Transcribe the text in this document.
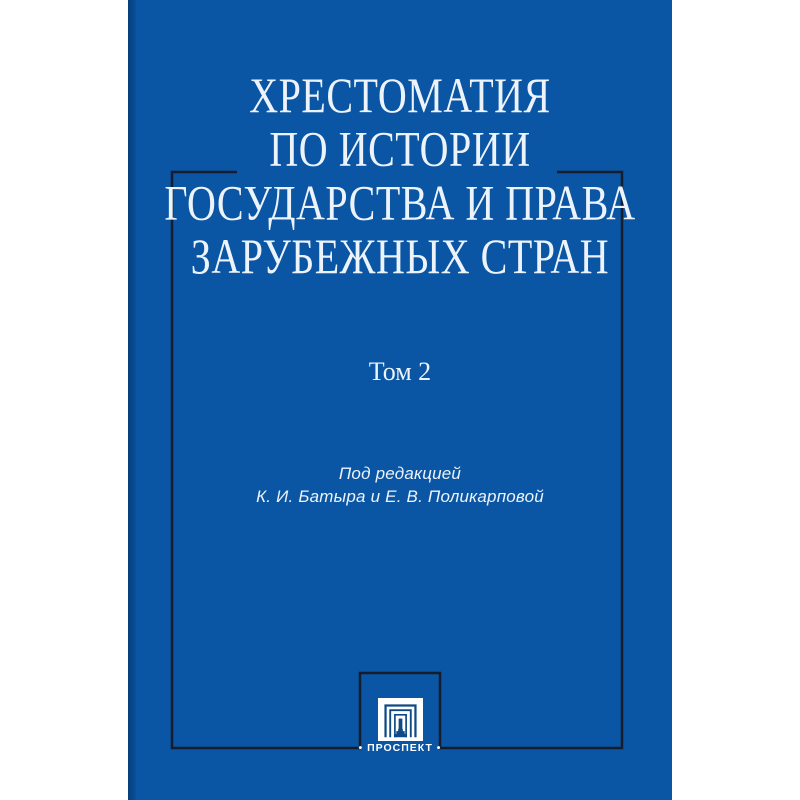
ХРЕСТОМАТИЯ
ПО ИСТОРИИ
ГОСУДАРСТВА И ПРАВА
ЗАРУБЕЖНЫХ СТРАН
Том 2
Под редакцией
К. И. Батыра и Е. В. Поликарповой
• ПРОСПЕКТ •
